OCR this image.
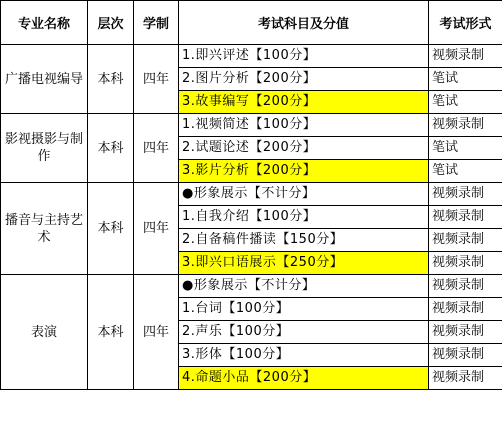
专业名称	层次	学制	考试科目及分值	考试形式
广播电视编导	本科	四年	1.即兴评述【100分】	视频录制
			2.图片分析【200分】	笔试
			3.故事编写【200分】	笔试
影视摄影与制作	本科	四年	1.视频简述【100分】	视频录制
			2.试题论述【200分】	笔试
			3.影片分析【200分】	笔试
播音与主持艺术	本科	四年	●形象展示【不计分】	视频录制
			1.自我介绍【100分】	视频录制
			2.自备稿件播读【150分】	视频录制
			3.即兴口语展示【250分】	视频录制
表演	本科	四年	●形象展示【不计分】	视频录制
			1.台词【100分】	视频录制
			2.声乐【100分】	视频录制
			3.形体【100分】	视频录制
			4.命题小品【200分】	视频录制
